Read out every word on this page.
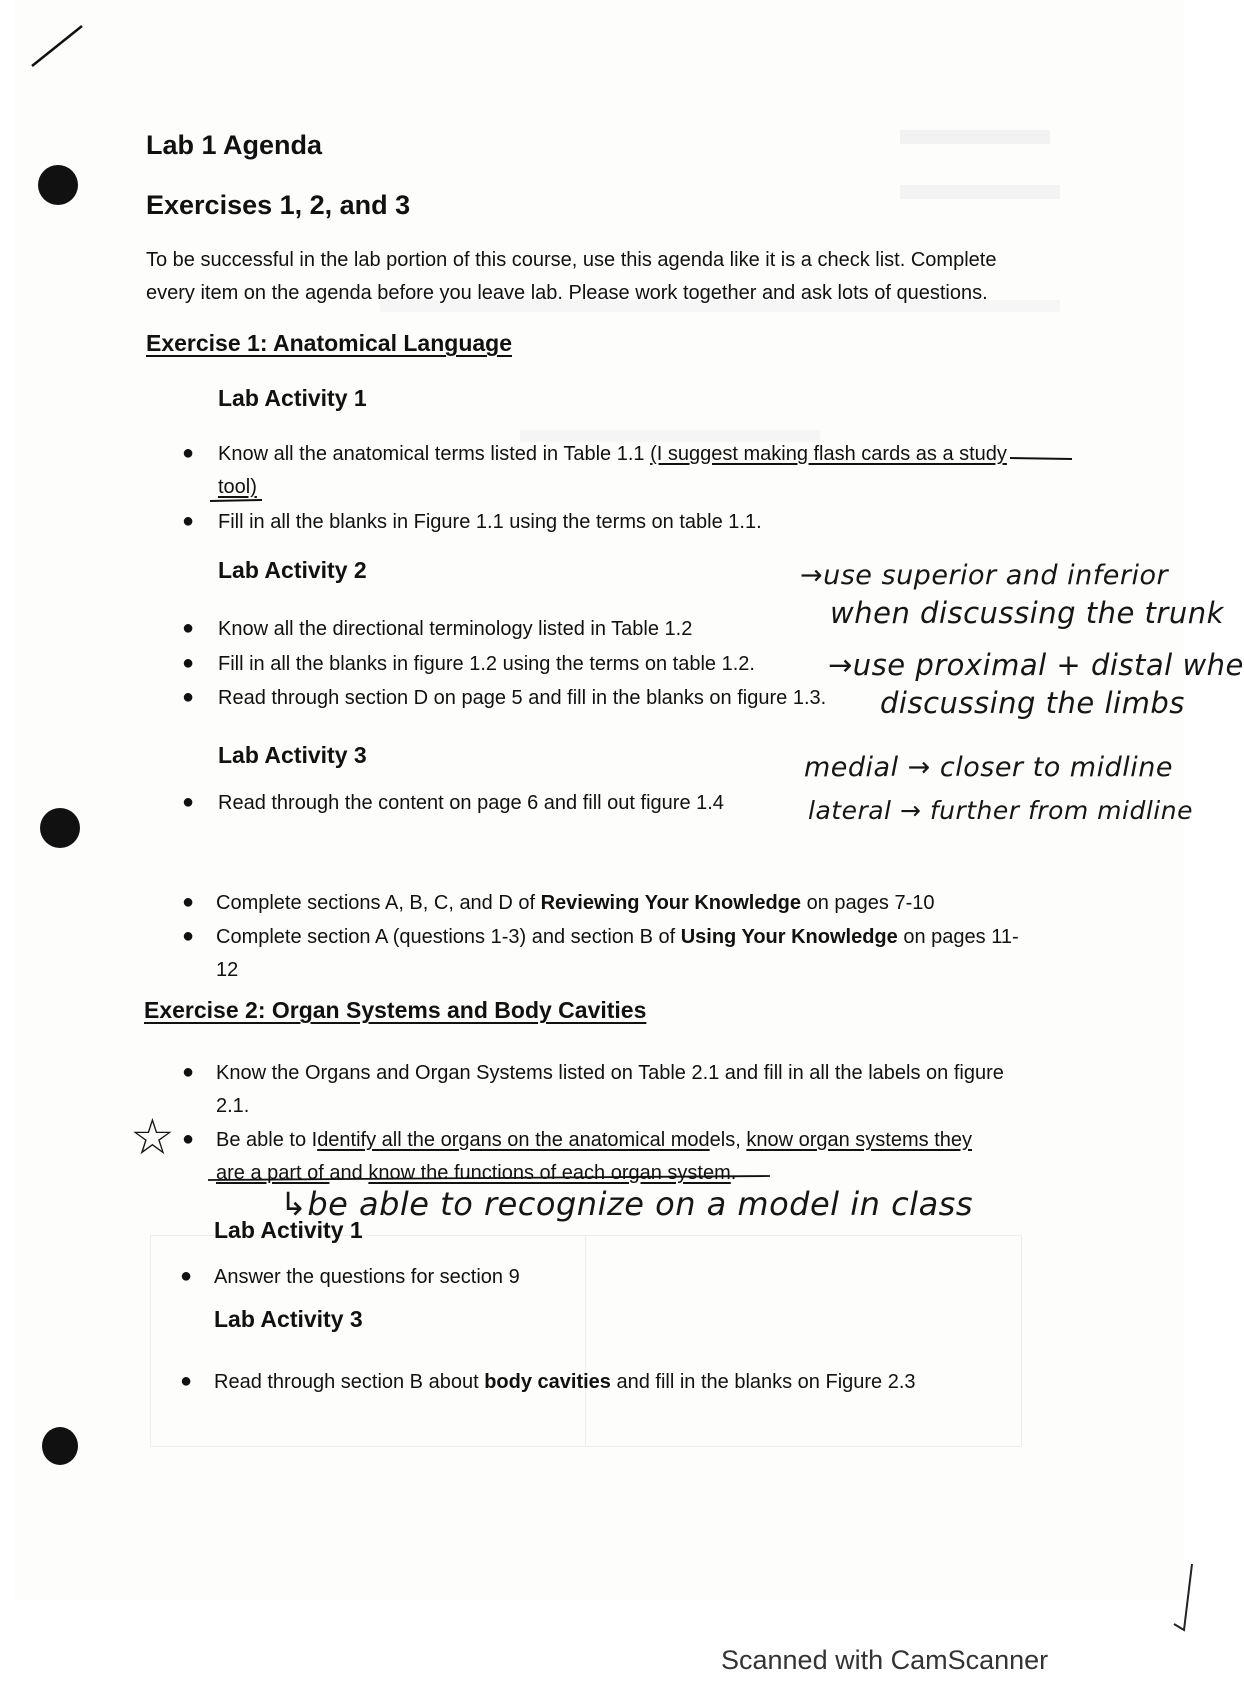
Lab 1 Agenda
Exercises 1, 2, and 3
To be successful in the lab portion of this course, use this agenda like it is a check list. Complete
every item on the agenda before you leave lab. Please work together and ask lots of questions.
Exercise 1: Anatomical Language
Lab Activity 1
● Know all the anatomical terms listed in Table 1.1 (I suggest making flash cards as a study
tool)
● Fill in all the blanks in Figure 1.1 using the terms on table 1.1.
Lab Activity 2
● Know all the directional terminology listed in Table 1.2
● Fill in all the blanks in figure 1.2 using the terms on table 1.2.
● Read through section D on page 5 and fill in the blanks on figure 1.3.
Lab Activity 3
● Read through the content on page 6 and fill out figure 1.4
● Complete sections A, B, C, and D of Reviewing Your Knowledge on pages 7-10
● Complete section A (questions 1-3) and section B of Using Your Knowledge on pages 11-
12
Exercise 2: Organ Systems and Body Cavities
● Know the Organs and Organ Systems listed on Table 2.1 and fill in all the labels on figure
2.1.
● Be able to Identify all the organs on the anatomical models, know organ systems they
are a part of and know the functions of each organ system.
Lab Activity 1
● Answer the questions for section 9
Lab Activity 3
● Read through section B about body cavities and fill in the blanks on Figure 2.3
→use superior and inferior
when discussing the trunk
→use proximal + distal whe
discussing the limbs
medial → closer to midline
lateral → further from midline
↳be able to recognize on a model in class
☆
Scanned with CamScanner
